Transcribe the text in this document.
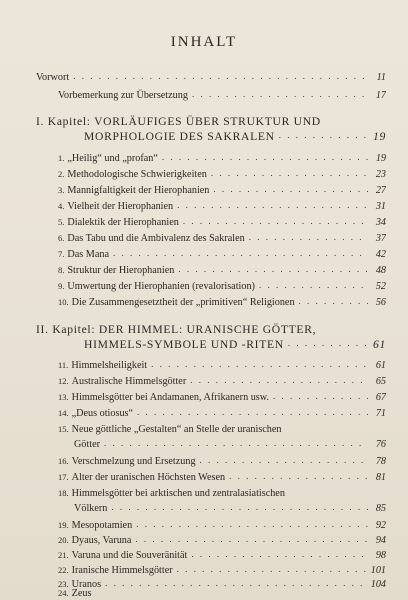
INHALT
Vorwort . . .	11
Vorbemerkung zur Übersetzung . . .	17
I. Kapitel: VORLÄUFIGES ÜBER STRUKTUR UND
MORPHOLOGIE DES SAKRALEN . . .	19
1. „Heilig“ und „profan“ . . .	19
2. Methodologische Schwierigkeiten . . .	23
3. Mannigfaltigkeit der Hierophanien . . .	27
4. Vielheit der Hierophanien . . .	31
5. Dialektik der Hierophanien . . .	34
6. Das Tabu und die Ambivalenz des Sakralen . . .	37
7. Das Mana . . .	42
8. Struktur der Hierophanien . . .	48
9. Umwertung der Hierophanien (revalorisation) . . .	52
10. Die Zusammengesetztheit der „primitiven“ Religionen . . .	56
II. Kapitel: DER HIMMEL: URANISCHE GÖTTER,
HIMMELS-SYMBOLE UND -RITEN . . .	61
11. Himmelsheiligkeit . . .	61
12. Australische Himmelsgötter . . .	65
13. Himmelsgötter bei Andamanen, Afrikanern usw. . . .	67
14. „Deus otiosus“ . . .	71
15. Neue göttliche „Gestalten“ an Stelle der uranischen
Götter . . .	76
16. Verschmelzung und Ersetzung . . .	78
17. Alter der uranischen Höchsten Wesen . . .	81
18. Himmelsgötter bei arktischen und zentralasiatischen
Völkern . . .	85
19. Mesopotamien . . .	92
20. Dyaus, Varuna . . .	94
21. Varuna und die Souveränität . . .	98
22. Iranische Himmelsgötter . . .	101
23. Uranos . . .	104
24. Zeus
